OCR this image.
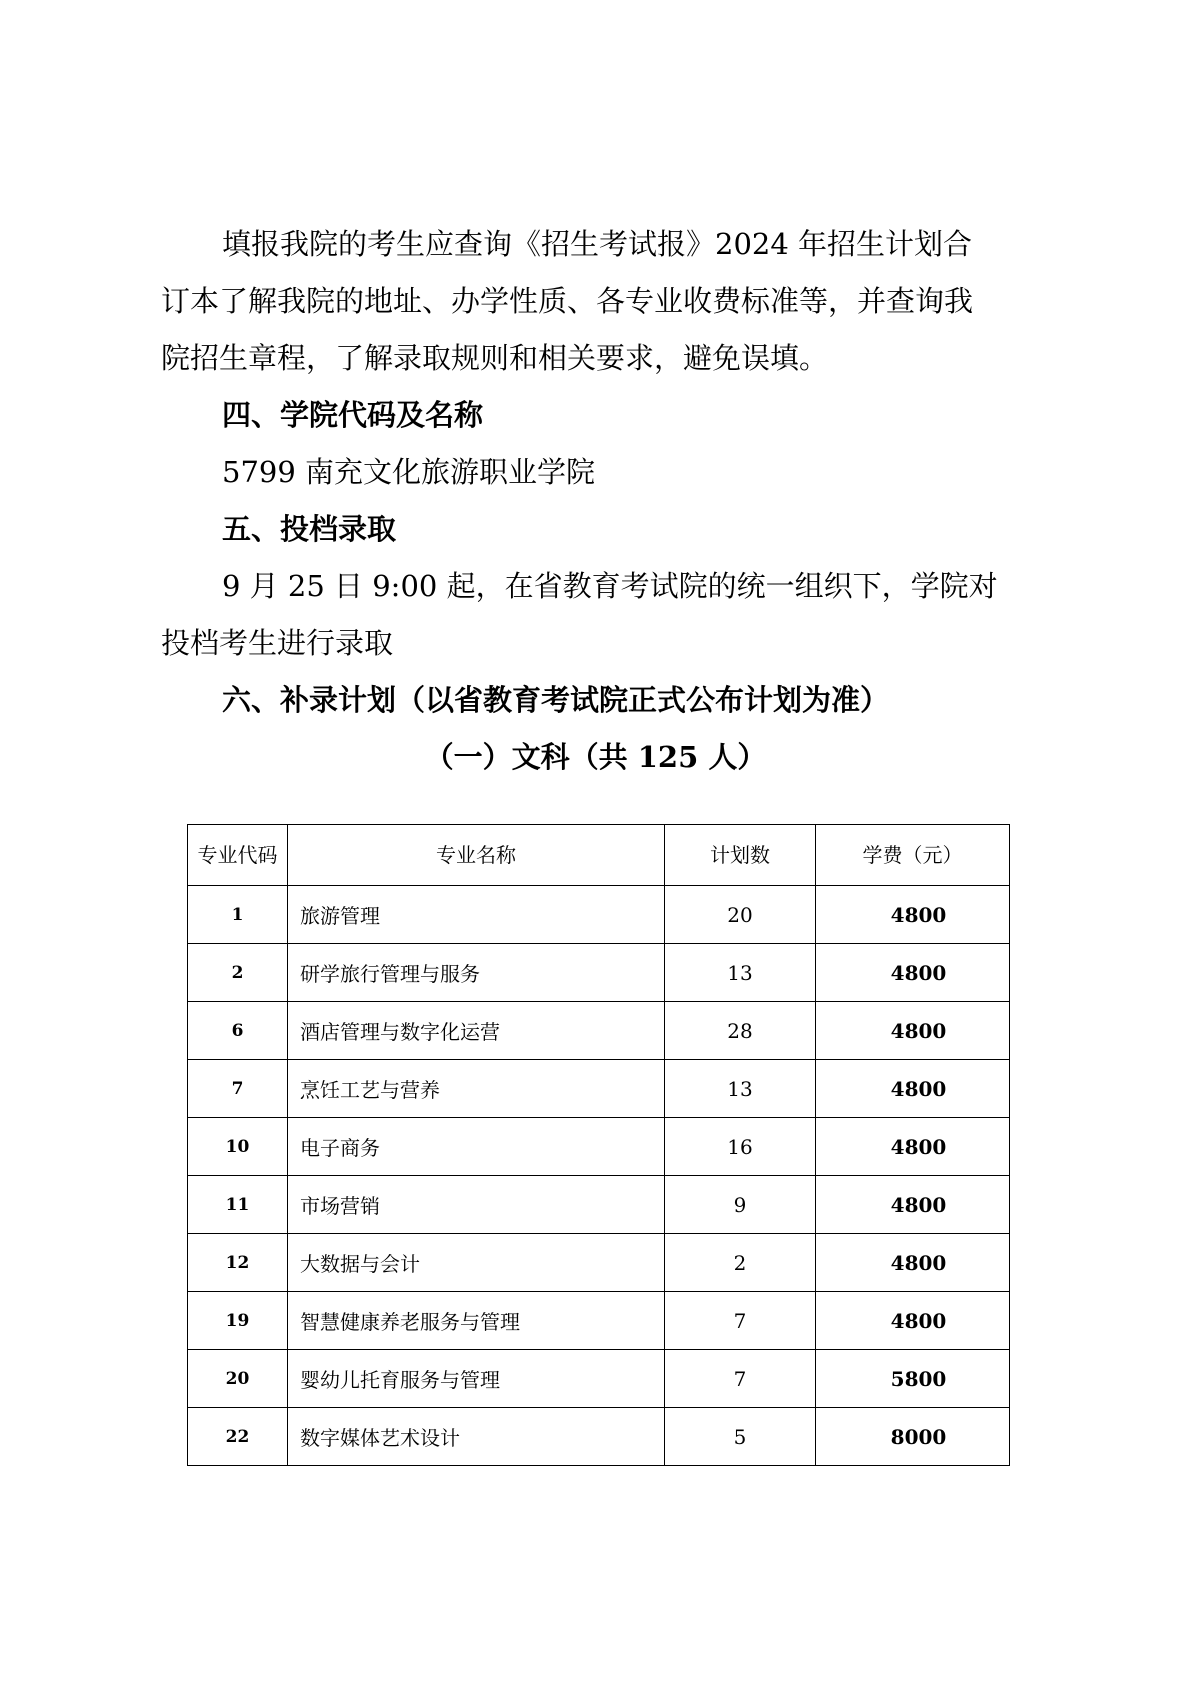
填报我院的考生应查询《招生考试报》2024 年招生计划合

订本了解我院的地址、办学性质、各专业收费标准等，并查询我

院招生章程，了解录取规则和相关要求，避免误填。

四、学院代码及名称

5799 南充文化旅游职业学院

五、投档录取

9 月 25 日 9:00 起，在省教育考试院的统一组织下，学院对

投档考生进行录取

六、补录计划（以省教育考试院正式公布计划为准）

（一）文科（共 125 人）

专业代码	专业名称	计划数	学费（元）
1	旅游管理	20	4800
2	研学旅行管理与服务	13	4800
6	酒店管理与数字化运营	28	4800
7	烹饪工艺与营养	13	4800
10	电子商务	16	4800
11	市场营销	9	4800
12	大数据与会计	2	4800
19	智慧健康养老服务与管理	7	4800
20	婴幼儿托育服务与管理	7	5800
22	数字媒体艺术设计	5	8000
